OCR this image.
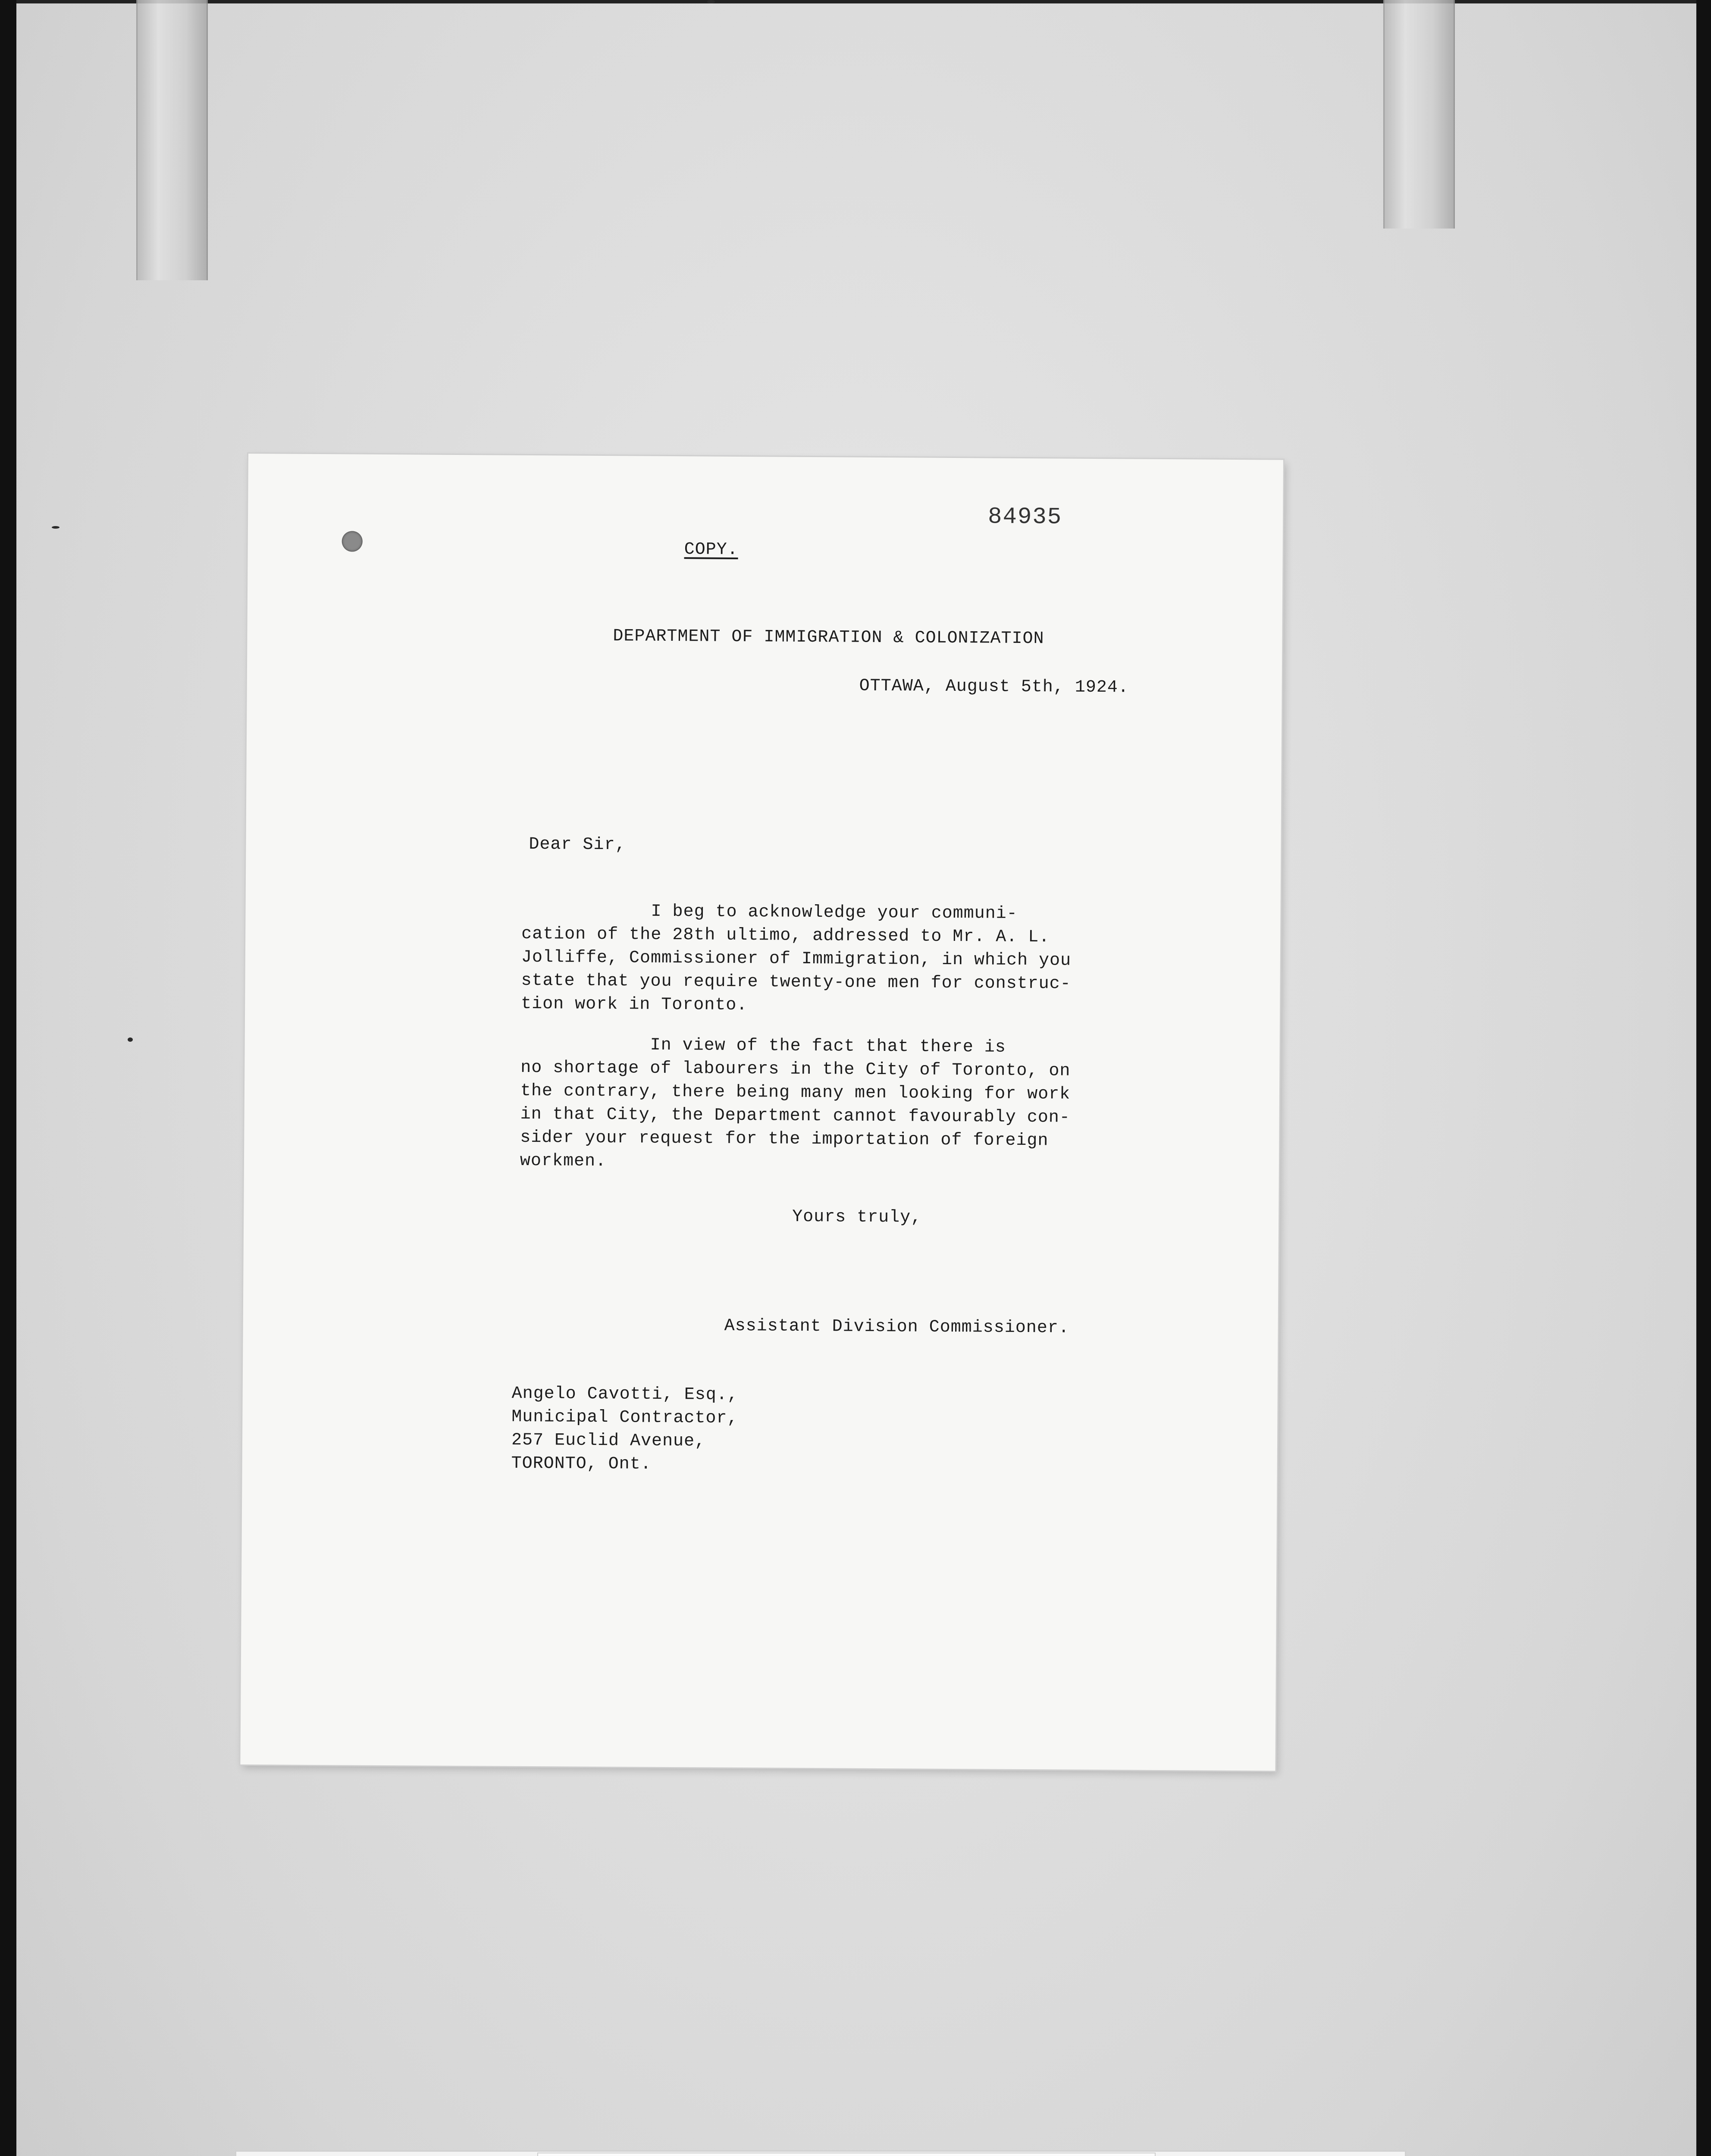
84935
COPY.
DEPARTMENT OF IMMIGRATION & COLONIZATION
OTTAWA, August 5th, 1924.
Dear Sir,
I beg to acknowledge your communi-
cation of the 28th ultimo, addressed to Mr. A. L.
Jolliffe, Commissioner of Immigration, in which you
state that you require twenty-one men for construc-
tion work in Toronto.
In view of the fact that there is
no shortage of labourers in the City of Toronto, on
the contrary, there being many men looking for work
in that City, the Department cannot favourably con-
sider your request for the importation of foreign
workmen.
Yours truly,
Assistant Division Commissioner.
Angelo Cavotti, Esq.,
Municipal Contractor,
257 Euclid Avenue,
TORONTO, Ont.
